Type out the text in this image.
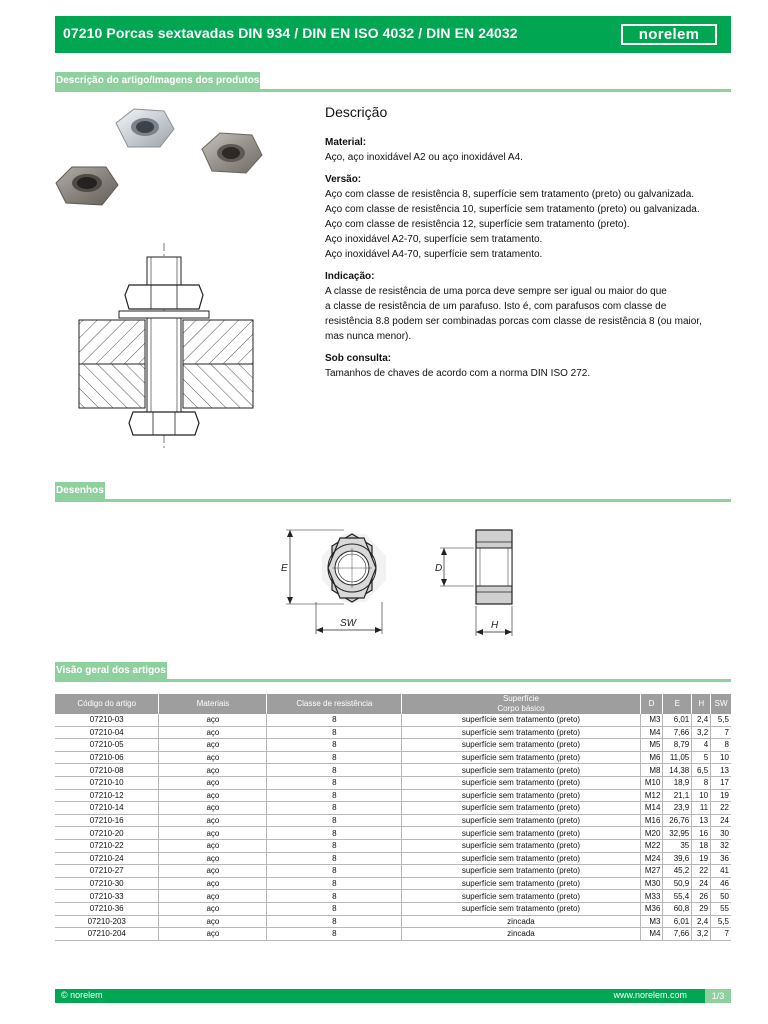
07210 Porcas sextavadas DIN 934 / DIN EN ISO 4032 / DIN EN 24032	norelem
Descrição do artigo/Imagens dos produtos
Descrição

Material:

Aço, aço inoxidável A2 ou aço inoxidável A4.

Versão:

Aço com classe de resistência 8, superfície sem tratamento (preto) ou galvanizada.

Aço com classe de resistência 10, superfície sem tratamento (preto) ou galvanizada.

Aço com classe de resistência 12, superfície sem tratamento (preto).

Aço inoxidável A2-70, superfície sem tratamento.

Aço inoxidável A4-70, superfície sem tratamento.

Indicação:

A classe de resistência de uma porca deve sempre ser igual ou maior do que

a classe de resistência de um parafuso. Isto é, com parafusos com classe de

resistência 8.8 podem ser combinadas porcas com classe de resistência 8 (ou maior,

mas nunca menor).

Sob consulta:

Tamanhos de chaves de acordo com a norma DIN ISO 272.

Desenhos
E
SW
D
H
Visão geral dos artigos
Código do artigo	Materiais	Classe de resistência	Superfície
Corpo básico	D	E	H	SW
07210-03	aço	8	superfície sem tratamento (preto)	M3	6,01	2,4	5,5
07210-04	aço	8	superfície sem tratamento (preto)	M4	7,66	3,2	7
07210-05	aço	8	superfície sem tratamento (preto)	M5	8,79	4	8
07210-06	aço	8	superfície sem tratamento (preto)	M6	11,05	5	10
07210-08	aço	8	superfície sem tratamento (preto)	M8	14,38	6,5	13
07210-10	aço	8	superfície sem tratamento (preto)	M10	18,9	8	17
07210-12	aço	8	superfície sem tratamento (preto)	M12	21,1	10	19
07210-14	aço	8	superfície sem tratamento (preto)	M14	23,9	11	22
07210-16	aço	8	superfície sem tratamento (preto)	M16	26,76	13	24
07210-20	aço	8	superfície sem tratamento (preto)	M20	32,95	16	30
07210-22	aço	8	superfície sem tratamento (preto)	M22	35	18	32
07210-24	aço	8	superfície sem tratamento (preto)	M24	39,6	19	36
07210-27	aço	8	superfície sem tratamento (preto)	M27	45,2	22	41
07210-30	aço	8	superfície sem tratamento (preto)	M30	50,9	24	46
07210-33	aço	8	superfície sem tratamento (preto)	M33	55,4	26	50
07210-36	aço	8	superfície sem tratamento (preto)	M36	60,8	29	55
07210-203	aço	8	zincada	M3	6,01	2,4	5,5
07210-204	aço	8	zincada	M4	7,66	3,2	7
© norelem	www.norelem.com	1/3
